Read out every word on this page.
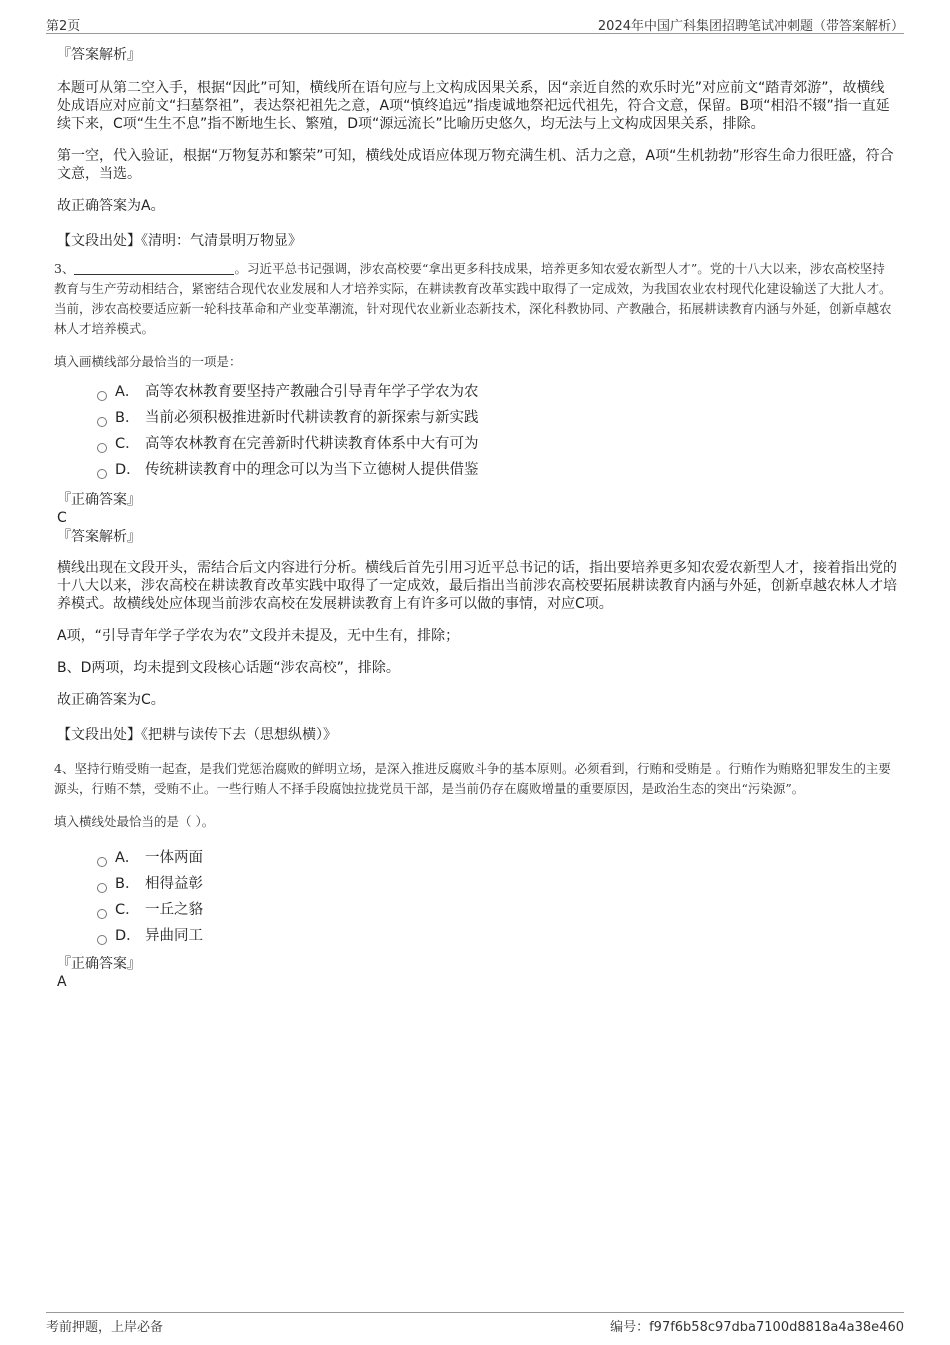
第2页	2024年中国广科集团招聘笔试冲刺题（带答案解析）

『答案解析』

本题可从第二空入手，根据“因此”可知，横线所在语句应与上文构成因果关系，因“亲近自然的欢乐时光”对应前文“踏青郊游”，故横线处成语应对应前文“扫墓祭祖”，表达祭祀祖先之意，A项“慎终追远”指虔诚地祭祀远代祖先，符合文意，保留。B项“相沿不辍”指一直延续下来，C项“生生不息”指不断地生长、繁殖，D项“源远流长”比喻历史悠久，均无法与上文构成因果关系，排除。

第一空，代入验证，根据“万物复苏和繁荣”可知，横线处成语应体现万物充满生机、活力之意，A项“生机勃勃”形容生命力很旺盛，符合文意，当选。

故正确答案为A。

【文段出处】《清明：气清景明万物显》

3、	。习近平总书记强调，涉农高校要“拿出更多科技成果，培养更多知农爱农新型人才”。党的十八大以来，涉农高校坚持教育与生产劳动相结合，紧密结合现代农业发展和人才培养实际，在耕读教育改革实践中取得了一定成效，为我国农业农村现代化建设输送了大批人才。当前，涉农高校要适应新一轮科技革命和产业变革潮流，针对现代农业新业态新技术，深化科教协同、产教融合，拓展耕读教育内涵与外延，创新卓越农林人才培养模式。

填入画横线部分最恰当的一项是：

A． 高等农林教育要坚持产教融合引导青年学子学农为农
B． 当前必须积极推进新时代耕读教育的新探索与新实践
C． 高等农林教育在完善新时代耕读教育体系中大有可为
D． 传统耕读教育中的理念可以为当下立德树人提供借鉴

『正确答案』

C

『答案解析』

横线出现在文段开头，需结合后文内容进行分析。横线后首先引用习近平总书记的话，指出要培养更多知农爱农新型人才，接着指出党的十八大以来，涉农高校在耕读教育改革实践中取得了一定成效，最后指出当前涉农高校要拓展耕读教育内涵与外延，创新卓越农林人才培养模式。故横线处应体现当前涉农高校在发展耕读教育上有许多可以做的事情，对应C项。

A项，“引导青年学子学农为农”文段并未提及，无中生有，排除；

B、D两项，均未提到文段核心话题“涉农高校”，排除。

故正确答案为C。

【文段出处】《把耕与读传下去（思想纵横）》

4、坚持行贿受贿一起查，是我们党惩治腐败的鲜明立场，是深入推进反腐败斗争的基本原则。必须看到，行贿和受贿是 。行贿作为贿赂犯罪发生的主要源头，行贿不禁，受贿不止。一些行贿人不择手段腐蚀拉拢党员干部，是当前仍存在腐败增量的重要原因，是政治生态的突出“污染源”。

填入横线处最恰当的是（ ）。

A． 一体两面
B． 相得益彰
C． 一丘之貉
D． 异曲同工

『正确答案』

A

考前押题，上岸必备	编号：f97f6b58c97dba7100d8818a4a38e460
